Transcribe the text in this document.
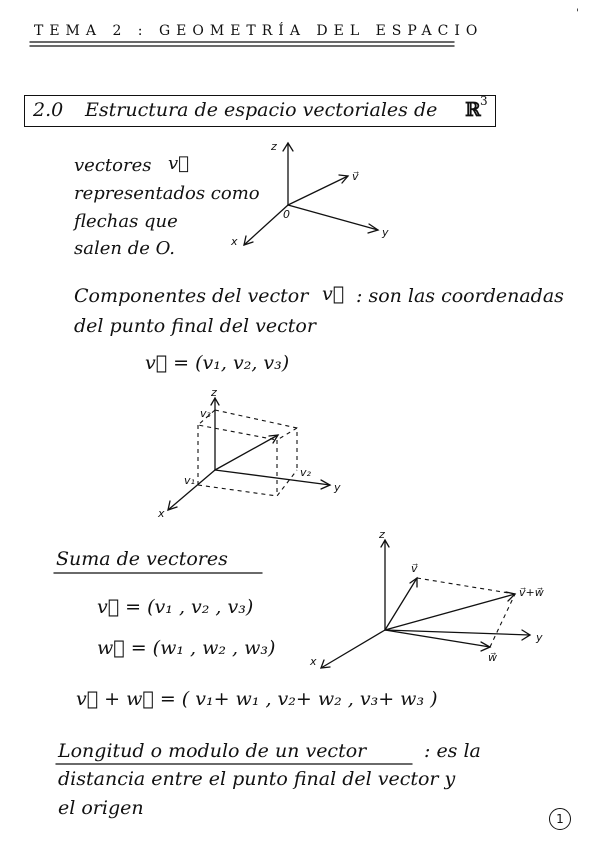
TEMA 2 : GEOMETRÍA DEL ESPACIO
'
2.0 Estructura de espacio vectoriales de ℝ 3
vectores v⃗
representados como
flechas que
salen de O.
z
y
x
0
v⃗
Componentes del vector v⃗ : son las coordenadas
del punto final del vector
v⃗ = (v₁, v₂, v₃)
z
y
x
v₃
v₁
v₂
Suma de vectores
v⃗ = (v₁ , v₂ , v₃)
w⃗ = (w₁ , w₂ , w₃)
v⃗ + w⃗ = ( v₁+ w₁ , v₂+ w₂ , v₃+ w₃ )
z
y
x
v⃗
w⃗
v⃗+w⃗
Longitud o modulo de un vector	: es la
distancia entre el punto final del vector y
el origen	1
